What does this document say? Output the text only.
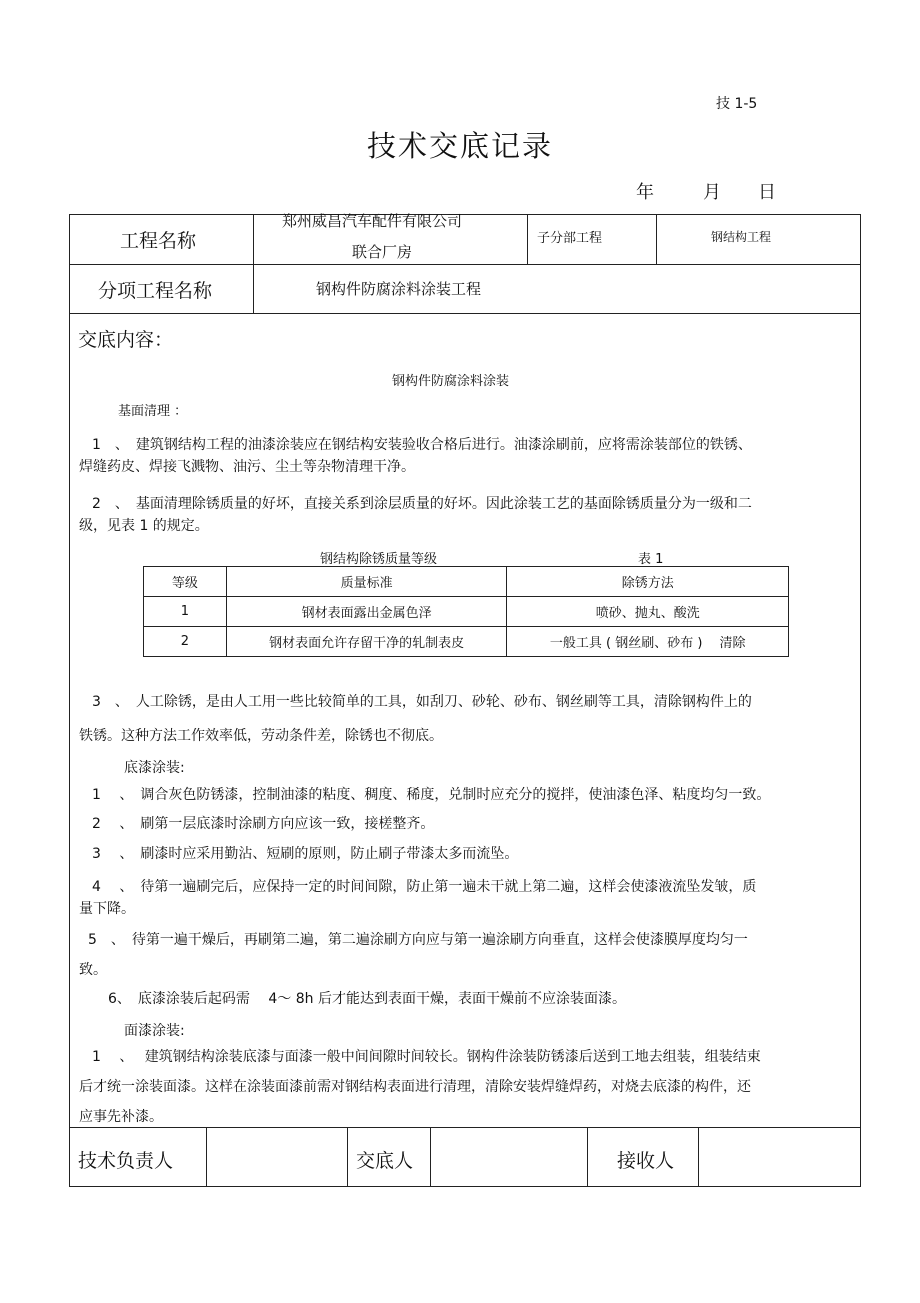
技 1-5
技术交底记录
年	月 日
工程名称
郑州威昌汽车配件有限公司
联合厂房
子分部工程	钢结构工程
分项工程名称	钢构件防腐涂料涂装工程
交底内容：
钢构件防腐涂料涂装
基面清理 ：
1　、　建筑钢结构工程的油漆涂装应在钢结构安装验收合格后进行。油漆涂刷前，应将需涂装部位的铁锈、
焊缝药皮、焊接飞溅物、油污、尘土等杂物清理干净。
2　、　基面清理除锈质量的好坏，直接关系到涂层质量的好坏。因此涂装工艺的基面除锈质量分为一级和二
级，见表 1 的规定。
钢结构除锈质量等级	表 1
等级	质量标准	除锈方法
1	钢材表面露出金属色泽	喷砂、抛丸、酸洗
2	钢材表面允许存留干净的轧制表皮	一般工具 ( 钢丝刷、砂布 )　 清除
3　、　人工除锈，是由人工用一些比较简单的工具，如刮刀、砂轮、砂布、钢丝刷等工具，清除钢构件上的
铁锈。这种方法工作效率低，劳动条件差，除锈也不彻底。
底漆涂装:
1　 、　调合灰色防锈漆，控制油漆的粘度、稠度、稀度，兑制时应充分的搅拌，使油漆色泽、粘度均匀一致。
2　 、　刷第一层底漆时涂刷方向应该一致，接槎整齐。
3　 、　刷漆时应采用勤沾、短刷的原则，防止刷子带漆太多而流坠。
4　 、　待第一遍刷完后，应保持一定的时间间隙，防止第一遍未干就上第二遍，这样会使漆液流坠发皱，质
量下降。
5　、　待第一遍干燥后，再刷第二遍，第二遍涂刷方向应与第一遍涂刷方向垂直，这样会使漆膜厚度均匀一
致。
6、　底漆涂装后起码需　 4～ 8h 后才能达到表面干燥，表面干燥前不应涂装面漆。
面漆涂装:
1　 、　 建筑钢结构涂装底漆与面漆一般中间间隙时间较长。钢构件涂装防锈漆后送到工地去组装，组装结束
后才统一涂装面漆。这样在涂装面漆前需对钢结构表面进行清理，清除安装焊缝焊药，对烧去底漆的构件，还
应事先补漆。
技术负责人	交底人	接收人
